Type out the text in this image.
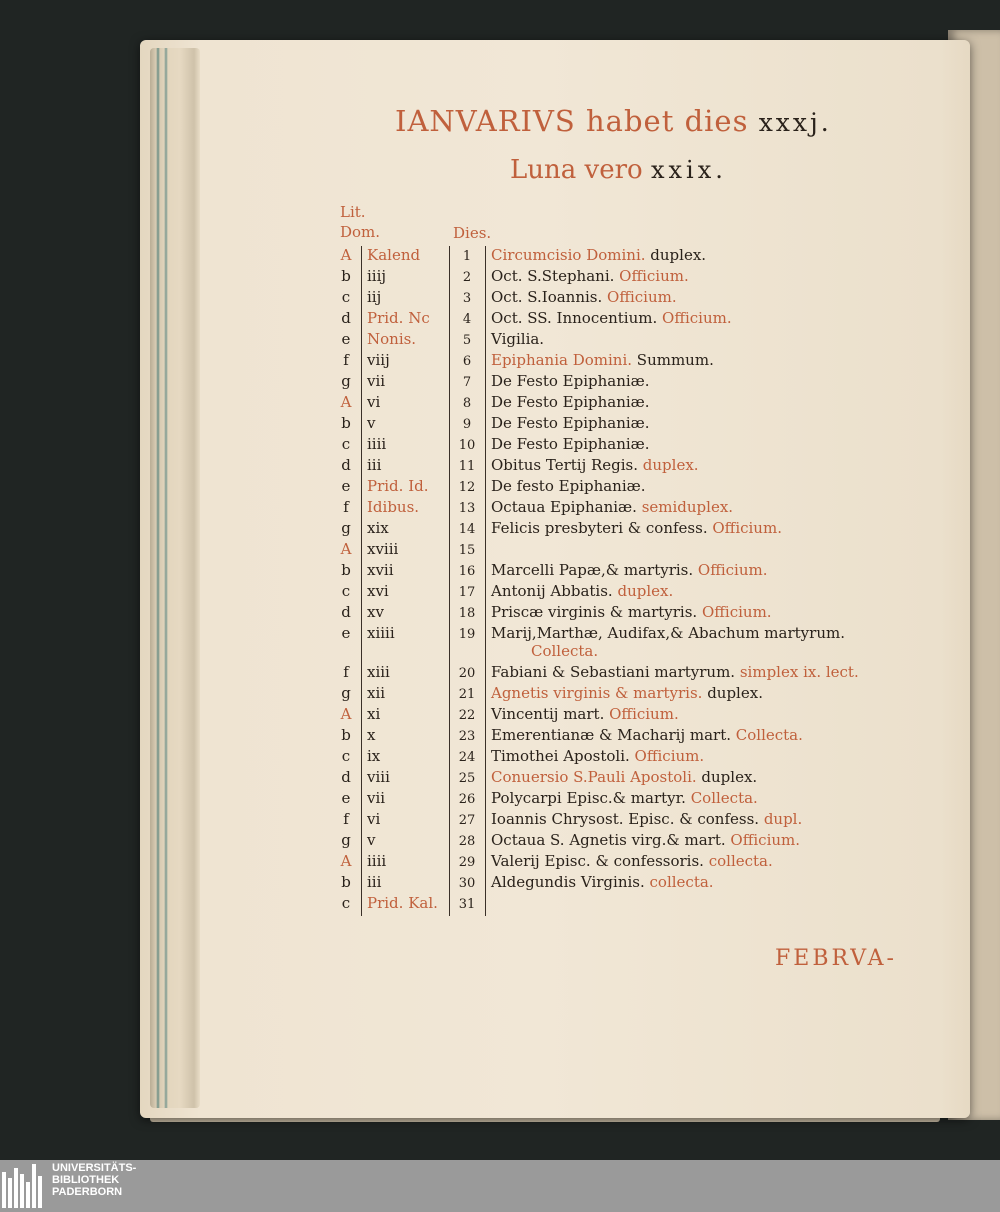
IANVARIVS habet dies xxxj.
Luna vero xxix.
Lit.
Dom.	Dies.
A Kalend	1	Circumcisio Domini. duplex.
b iiij	2	Oct. S.Stephani. Officium.
c iij	3	Oct. S.Ioannis. Officium.
d Prid. Nc	4	Oct. SS. Innocentium. Officium.
e Nonis.	5	Vigilia.
f viij	6	Epiphania Domini. Summum.
g vii	7	De Festo Epiphaniæ.
A vi	8	De Festo Epiphaniæ.
b v	9	De Festo Epiphaniæ.
c iiii	10 De Festo Epiphaniæ.
d iii	11 Obitus Tertij Regis. duplex.
e Prid. Id. 12 De festo Epiphaniæ.
f Idibus.	13 Octaua Epiphaniæ. semiduplex.
g xix	14 Felicis presbyteri & confess. Officium.
A xviii	15
b xvii	16 Marcelli Papæ,& martyris. Officium.
c xvi	17 Antonij Abbatis. duplex.
d xv	18 Priscæ virginis & martyris. Officium.
e xiiii	19 Marij,Marthæ, Audifax,& Abachum martyrum.
Collecta.
f xiii	20 Fabiani & Sebastiani martyrum. simplex ix. lect.
g xii	21 Agnetis virginis & martyris. duplex.
A xi	22 Vincentij mart. Officium.
b x	23 Emerentianæ & Macharij mart. Collecta.
c ix	24 Timothei Apostoli. Officium.
d viii	25 Conuersio S.Pauli Apostoli. duplex.
e vii	26 Polycarpi Episc.& martyr. Collecta.
f vi	27 Ioannis Chrysost. Episc. & confess. dupl.
g v	28 Octaua S. Agnetis virg.& mart. Officium.
A iiii	29 Valerij Episc. & confessoris. collecta.
b iii	30 Aldegundis Virginis. collecta.
c Prid. Kal. 31
FEBRVA-
UNIVERSITÄTS-
BIBLIOTHEK
PADERBORN
